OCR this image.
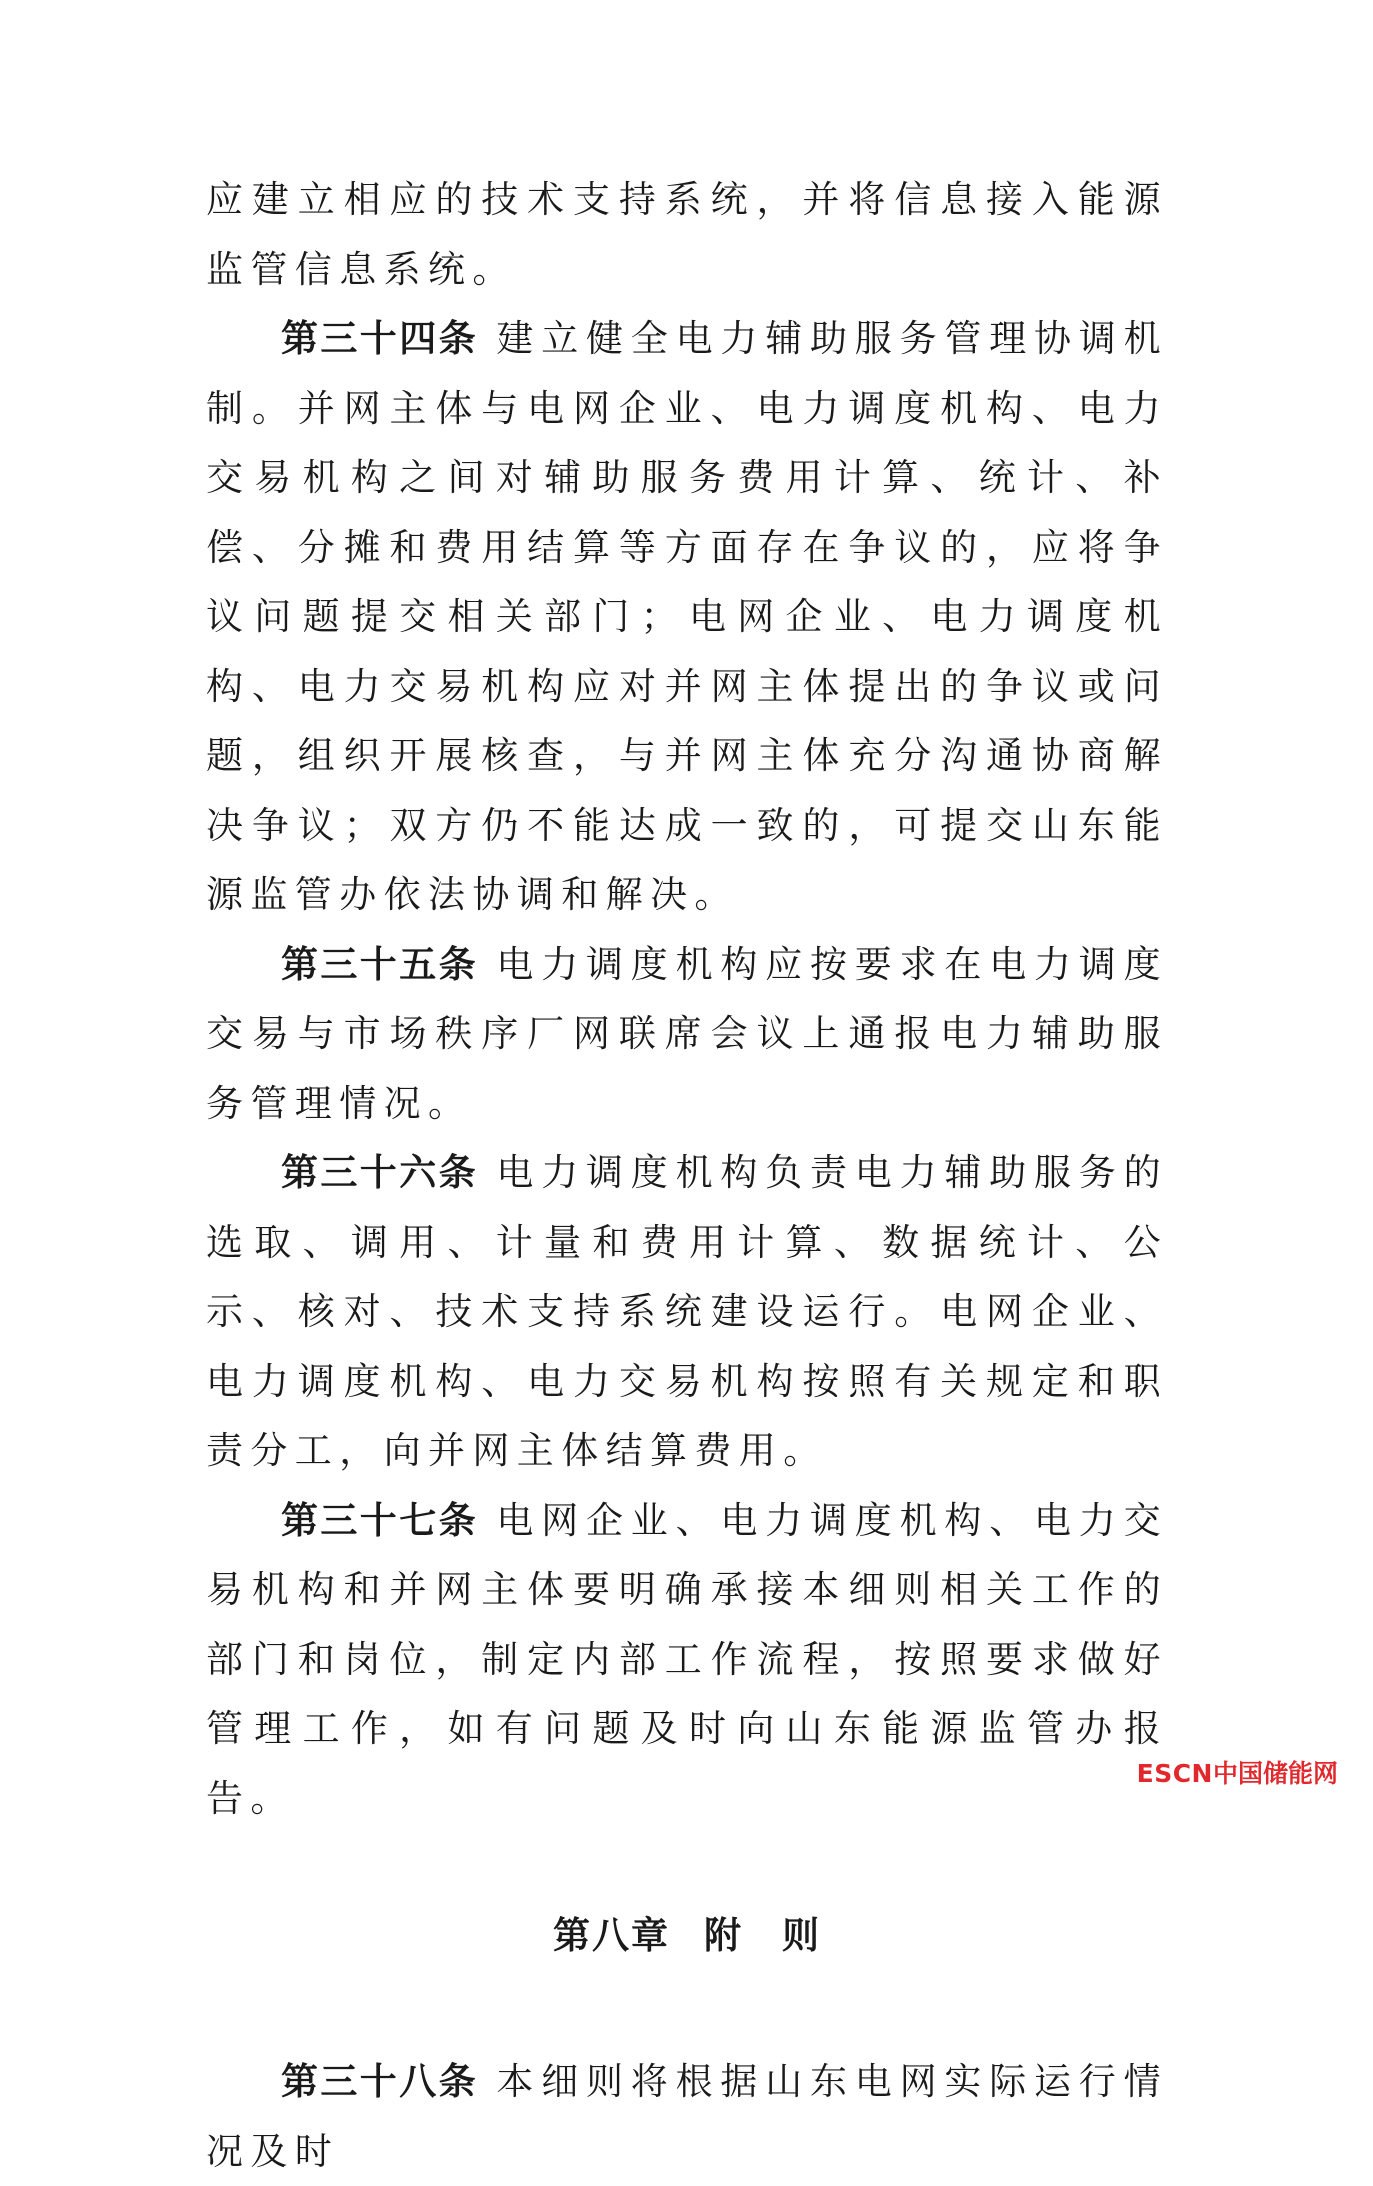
应建立相应的技术支持系统，并将信息接入能源监管信息系统。

第三十四条 建立健全电力辅助服务管理协调机制。并网主体与电网企业、电力调度机构、电力交易机构之间对辅助服务费用计算、统计、补偿、分摊和费用结算等方面存在争议的，应将争议问题提交相关部门；电网企业、电力调度机构、电力交易机构应对并网主体提出的争议或问题，组织开展核查，与并网主体充分沟通协商解决争议；双方仍不能达成一致的，可提交山东能源监管办依法协调和解决。

第三十五条 电力调度机构应按要求在电力调度交易与市场秩序厂网联席会议上通报电力辅助服务管理情况。

第三十六条 电力调度机构负责电力辅助服务的选取、调用、计量和费用计算、数据统计、公示、核对、技术支持系统建设运行。电网企业、电力调度机构、电力交易机构按照有关规定和职责分工，向并网主体结算费用。

第三十七条 电网企业、电力调度机构、电力交易机构和并网主体要明确承接本细则相关工作的部门和岗位，制定内部工作流程，按照要求做好管理工作，如有问题及时向山东能源监管办报告。

第八章 附　则

第三十八条 本细则将根据山东电网实际运行情况及时

ESCN中国储能网
